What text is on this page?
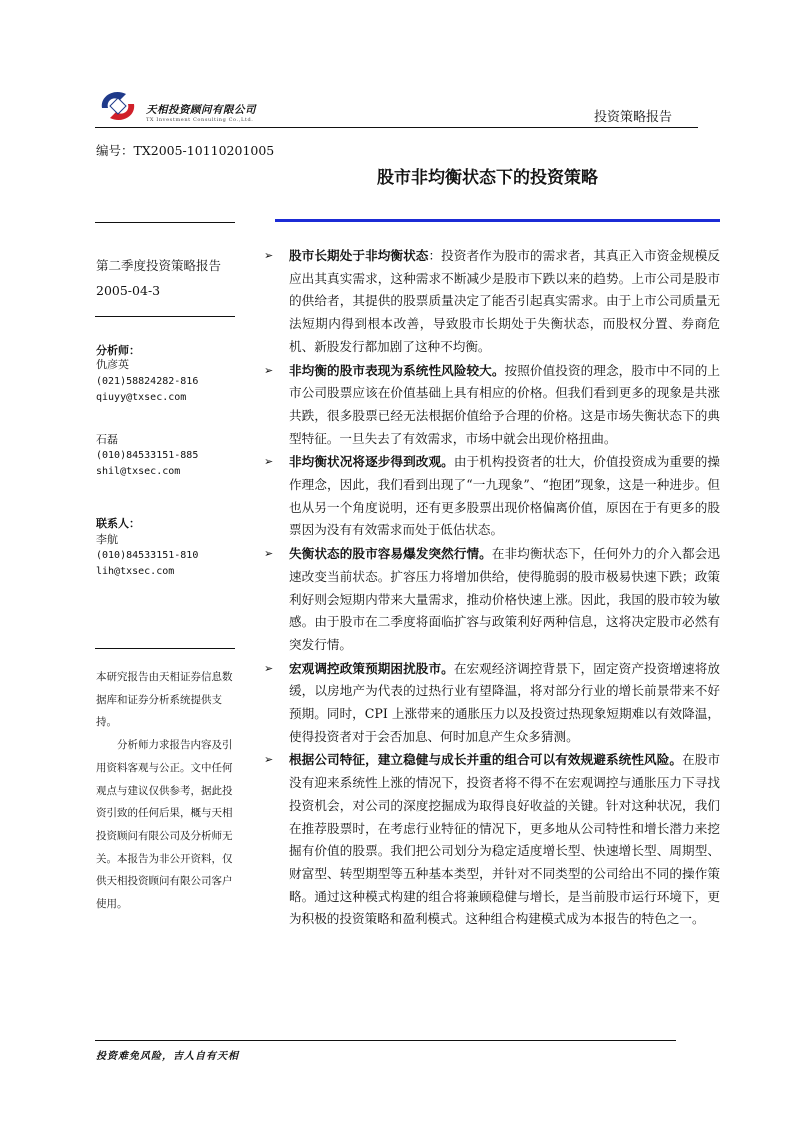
天相投资顾问有限公司
TX Investment Consulting Co.,Ltd.	投资策略报告
编号：TX2005-10110201005
股市非均衡状态下的投资策略
第二季度投资策略报告
2005-04-3
分析师：
仇彦英
(021)58824282-816
qiuyy@txsec.com
石磊
(010)84533151-885
shil@txsec.com
联系人：
李航
(010)84533151-810
lih@txsec.com

本研究报告由天相证券信息数据库和证券分析系统提供支持。

　　分析师力求报告内容及引用资料客观与公正。文中任何观点与建议仅供参考，据此投资引致的任何后果，概与天相投资顾问有限公司及分析师无关。本报告为非公开资料，仅供天相投资顾问有限公司客户使用。

➢ 股市长期处于非均衡状态：投资者作为股市的需求者，其真正入市资金规模反应出其真实需求，这种需求不断减少是股市下跌以来的趋势。上市公司是股市的供给者，其提供的股票质量决定了能否引起真实需求。由于上市公司质量无法短期内得到根本改善，导致股市长期处于失衡状态，而股权分置、券商危机、新股发行都加剧了这种不均衡。
➢ 非均衡的股市表现为系统性风险较大。按照价值投资的理念，股市中不同的上市公司股票应该在价值基础上具有相应的价格。但我们看到更多的现象是共涨共跌，很多股票已经无法根据价值给予合理的价格。这是市场失衡状态下的典型特征。一旦失去了有效需求，市场中就会出现价格扭曲。
➢ 非均衡状况将逐步得到改观。由于机构投资者的壮大，价值投资成为重要的操作理念，因此，我们看到出现了“一九现象”、“抱团”现象，这是一种进步。但也从另一个角度说明，还有更多股票出现价格偏离价值，原因在于有更多的股票因为没有有效需求而处于低估状态。
➢ 失衡状态的股市容易爆发突然行情。在非均衡状态下，任何外力的介入都会迅速改变当前状态。扩容压力将增加供给，使得脆弱的股市极易快速下跌；政策利好则会短期内带来大量需求，推动价格快速上涨。因此，我国的股市较为敏感。由于股市在二季度将面临扩容与政策利好两种信息，这将决定股市必然有突发行情。
➢ 宏观调控政策预期困扰股市。在宏观经济调控背景下，固定资产投资增速将放缓，以房地产为代表的过热行业有望降温，将对部分行业的增长前景带来不好预期。同时，CPI 上涨带来的通胀压力以及投资过热现象短期难以有效降温，使得投资者对于会否加息、何时加息产生众多猜测。
➢ 根据公司特征，建立稳健与成长并重的组合可以有效规避系统性风险。在股市没有迎来系统性上涨的情况下，投资者将不得不在宏观调控与通胀压力下寻找投资机会，对公司的深度挖掘成为取得良好收益的关键。针对这种状况，我们在推荐股票时，在考虑行业特征的情况下，更多地从公司特性和增长潜力来挖掘有价值的股票。我们把公司划分为稳定适度增长型、快速增长型、周期型、财富型、转型期型等五种基本类型，并针对不同类型的公司给出不同的操作策略。通过这种模式构建的组合将兼顾稳健与增长，是当前股市运行环境下，更为积极的投资策略和盈利模式。这种组合构建模式成为本报告的特色之一。
投资难免风险，吉人自有天相
